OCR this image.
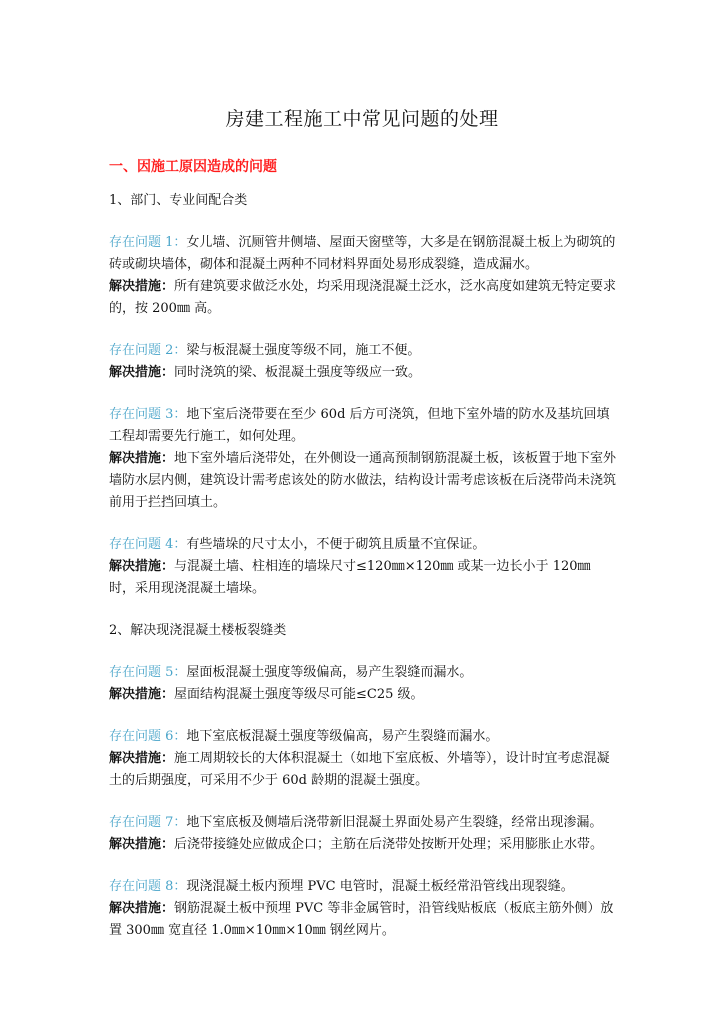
房建工程施工中常见问题的处理
一、因施工原因造成的问题

1、部门、专业间配合类

存在问题 1：女儿墙、沉厕管井侧墙、屋面天窗壁等，大多是在钢筋混凝土板上为砌筑的砖或砌块墙体，砌体和混凝土两种不同材料界面处易形成裂缝，造成漏水。

解决措施：所有建筑要求做泛水处，均采用现浇混凝土泛水，泛水高度如建筑无特定要求的，按 200㎜ 高。

存在问题 2：梁与板混凝土强度等级不同，施工不便。

解决措施：同时浇筑的梁、板混凝土强度等级应一致。

存在问题 3：地下室后浇带要在至少 60d 后方可浇筑，但地下室外墙的防水及基坑回填工程却需要先行施工，如何处理。

解决措施：地下室外墙后浇带处，在外侧设一通高预制钢筋混凝土板，该板置于地下室外墙防水层内侧，建筑设计需考虑该处的防水做法，结构设计需考虑该板在后浇带尚未浇筑前用于拦挡回填土。

存在问题 4：有些墙垛的尺寸太小，不便于砌筑且质量不宜保证。

解决措施：与混凝土墙、柱相连的墙垛尺寸≤120㎜×120㎜ 或某一边长小于 120㎜ 时，采用现浇混凝土墙垛。

2、解决现浇混凝土楼板裂缝类

存在问题 5：屋面板混凝土强度等级偏高，易产生裂缝而漏水。

解决措施：屋面结构混凝土强度等级尽可能≤C25 级。

存在问题 6：地下室底板混凝土强度等级偏高，易产生裂缝而漏水。

解决措施：施工周期较长的大体积混凝土（如地下室底板、外墙等），设计时宜考虑混凝土的后期强度，可采用不少于 60d 龄期的混凝土强度。

存在问题 7：地下室底板及侧墙后浇带新旧混凝土界面处易产生裂缝，经常出现渗漏。

解决措施：后浇带接缝处应做成企口；主筋在后浇带处按断开处理；采用膨胀止水带。

存在问题 8：现浇混凝土板内预埋 PVC 电管时，混凝土板经常沿管线出现裂缝。

解决措施：钢筋混凝土板中预埋 PVC 等非金属管时，沿管线贴板底（板底主筋外侧）放置 300㎜ 宽直径 1.0㎜×10㎜×10㎜ 钢丝网片。
